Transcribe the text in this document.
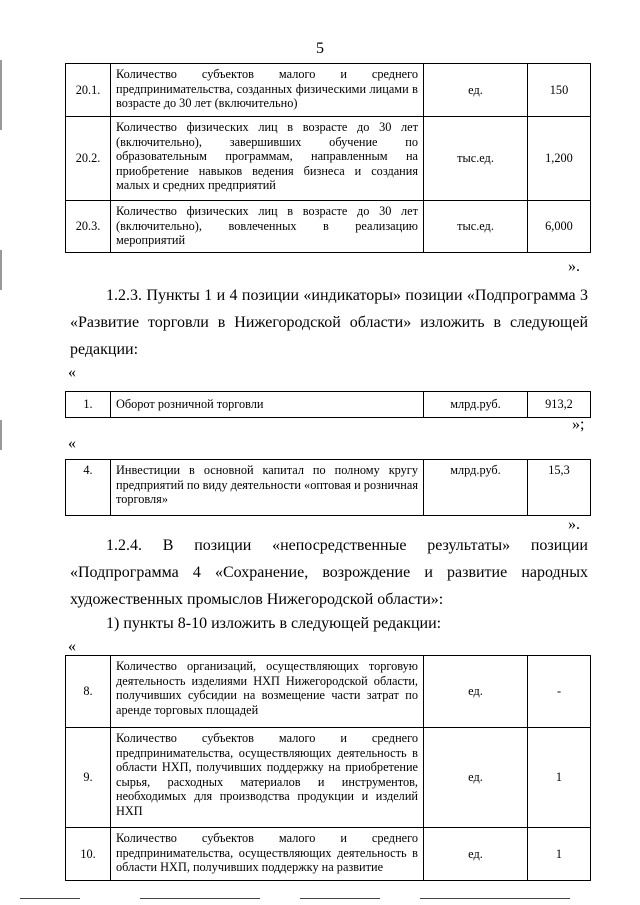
5
20.1.	Количество субъектов малого и среднего предпринимательства, созданных физическими лицами в возрасте до 30 лет (включительно)	ед.	150
20.2.	Количество физических лиц в возрасте до 30 лет (включительно), завершивших обучение по образовательным программам, направленным на приобретение навыков ведения бизнеса и создания малых и средних предприятий	тыс.ед.	1,200
20.3.	Количество физических лиц в возрасте до 30 лет (включительно), вовлеченных в реализацию мероприятий	тыс.ед.	6,000
».
1.2.3. Пункты 1 и 4 позиции «индикаторы» позиции «Подпрограмма 3 «Развитие торговли в Нижегородской области» изложить в следующей редакции:
«
1.	Оборот розничной торговли	млрд.руб.	913,2
»;
«
4.	Инвестиции в основной капитал по полному кругу предприятий по виду деятельности «оптовая и розничная торговля»	млрд.руб.	15,3
».
1.2.4. В позиции «непосредственные результаты» позиции «Подпрограмма 4 «Сохранение, возрождение и развитие народных художественных промыслов Нижегородской области»:
1) пункты 8-10 изложить в следующей редакции:
«
8.	Количество организаций, осуществляющих торговую деятельность изделиями НХП Нижегородской области, получивших субсидии на возмещение части затрат по аренде торговых площадей	ед.	-
9.	Количество субъектов малого и среднего предпринимательства, осуществляющих деятельность в области НХП, получивших поддержку на приобретение сырья, расходных материалов и инструментов, необходимых для производства продукции и изделий НХП	ед.	1
10.	Количество субъектов малого и среднего предпринимательства, осуществляющих деятельность в области НХП, получивших поддержку на развитие	ед.	1
